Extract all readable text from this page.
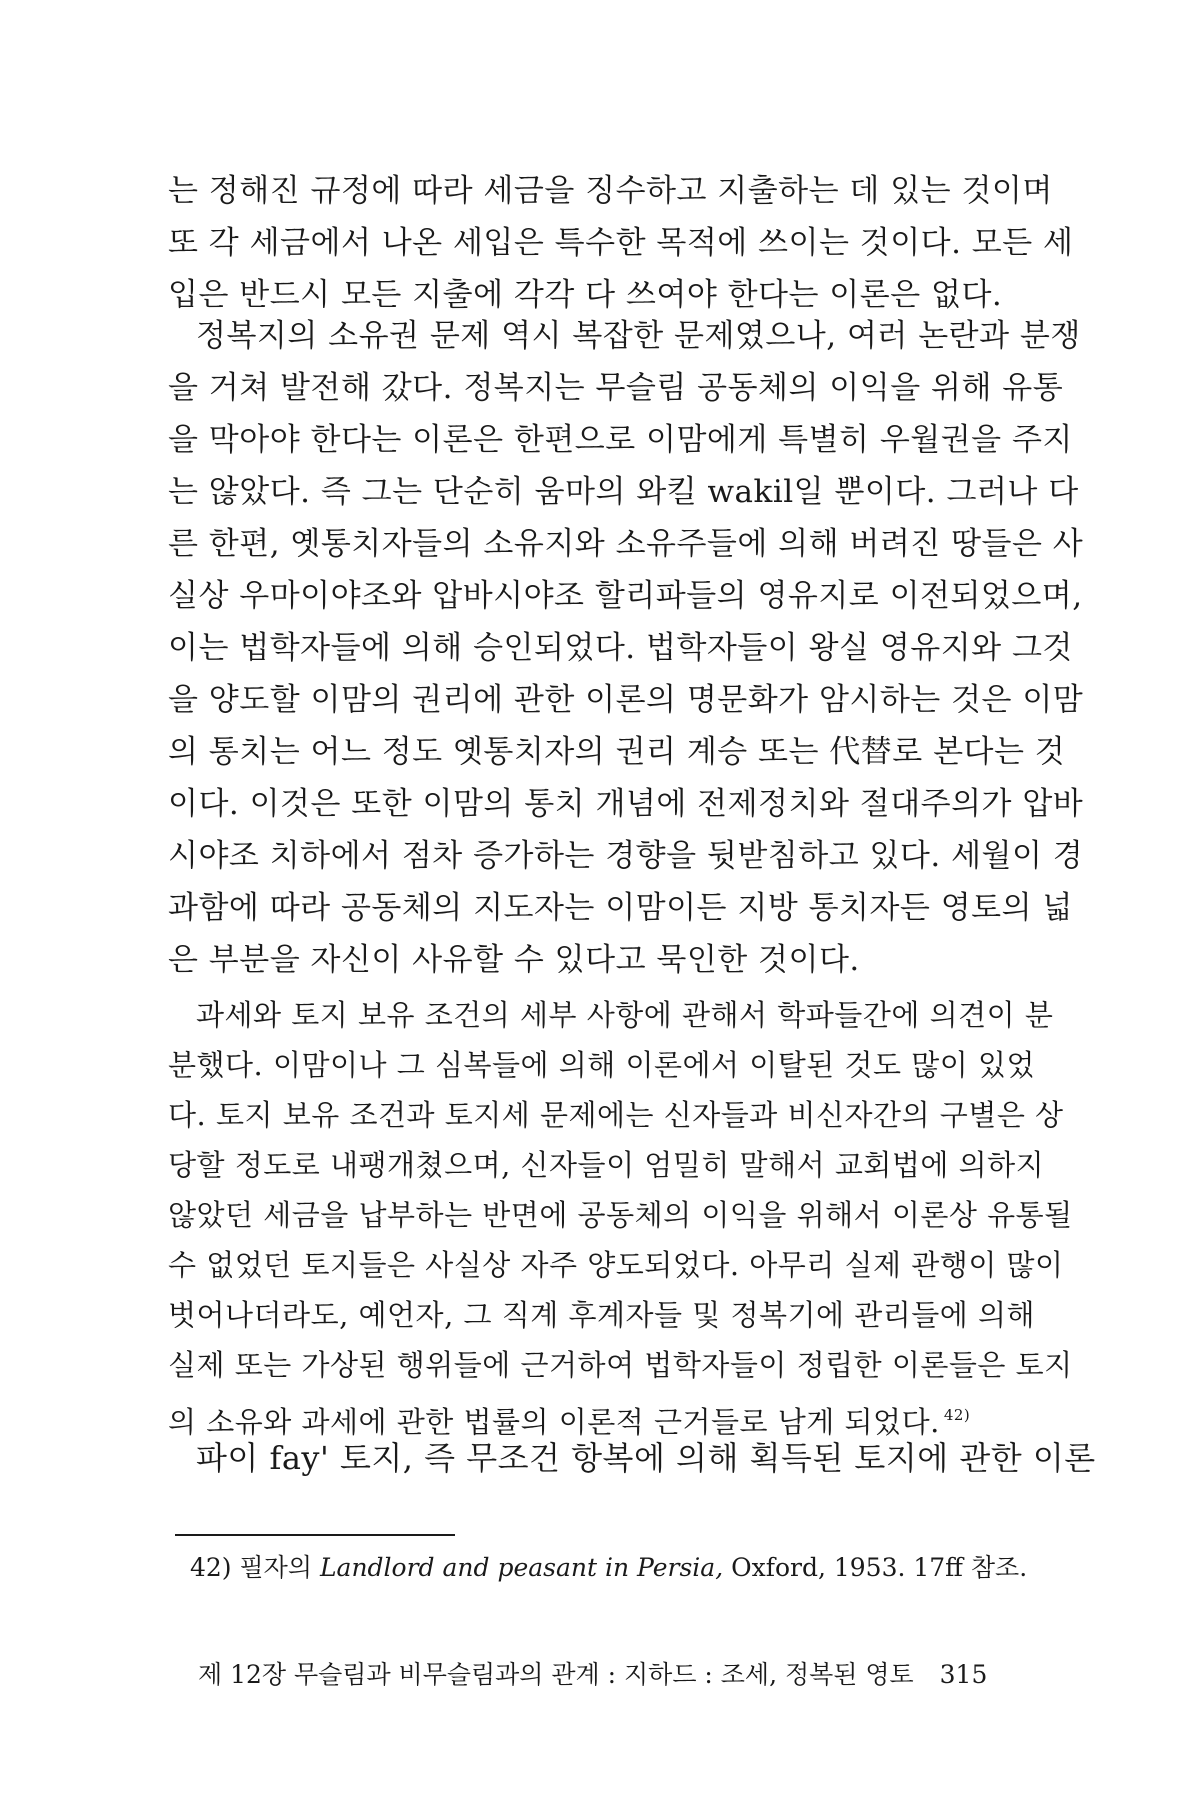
는 정해진 규정에 따라 세금을 징수하고 지출하는 데 있는 것이며
또 각 세금에서 나온 세입은 특수한 목적에 쓰이는 것이다. 모든 세
입은 반드시 모든 지출에 각각 다 쓰여야 한다는 이론은 없다.
정복지의 소유권 문제 역시 복잡한 문제였으나, 여러 논란과 분쟁
을 거쳐 발전해 갔다. 정복지는 무슬림 공동체의 이익을 위해 유통
을 막아야 한다는 이론은 한편으로 이맘에게 특별히 우월권을 주지
는 않았다. 즉 그는 단순히 움마의 와킬 wakil일 뿐이다. 그러나 다
른 한편, 옛통치자들의 소유지와 소유주들에 의해 버려진 땅들은 사
실상 우마이야조와 압바시야조 할리파들의 영유지로 이전되었으며,
이는 법학자들에 의해 승인되었다. 법학자들이 왕실 영유지와 그것
을 양도할 이맘의 권리에 관한 이론의 명문화가 암시하는 것은 이맘
의 통치는 어느 정도 옛통치자의 권리 계승 또는 代替로 본다는 것
이다. 이것은 또한 이맘의 통치 개념에 전제정치와 절대주의가 압바
시야조 치하에서 점차 증가하는 경향을 뒷받침하고 있다. 세월이 경
과함에 따라 공동체의 지도자는 이맘이든 지방 통치자든 영토의 넓
은 부분을 자신이 사유할 수 있다고 묵인한 것이다.
과세와 토지 보유 조건의 세부 사항에 관해서 학파들간에 의견이 분
분했다. 이맘이나 그 심복들에 의해 이론에서 이탈된 것도 많이 있었
다. 토지 보유 조건과 토지세 문제에는 신자들과 비신자간의 구별은 상
당할 정도로 내팽개쳤으며, 신자들이 엄밀히 말해서 교회법에 의하지
않았던 세금을 납부하는 반면에 공동체의 이익을 위해서 이론상 유통될
수 없었던 토지들은 사실상 자주 양도되었다. 아무리 실제 관행이 많이
벗어나더라도, 예언자, 그 직계 후계자들 및 정복기에 관리들에 의해
실제 또는 가상된 행위들에 근거하여 법학자들이 정립한 이론들은 토지
의 소유와 과세에 관한 법률의 이론적 근거들로 남게 되었다. $^{42)}$
파이 fay' 토지, 즉 무조건 항복에 의해 획득된 토지에 관한 이론
42) 필자의 Landlord and peasant in Persia, Oxford, 1953. 17ff 참조.
제 12장 무슬림과 비무슬림과의 관계 : 지하드 : 조세, 정복된 영토 315
